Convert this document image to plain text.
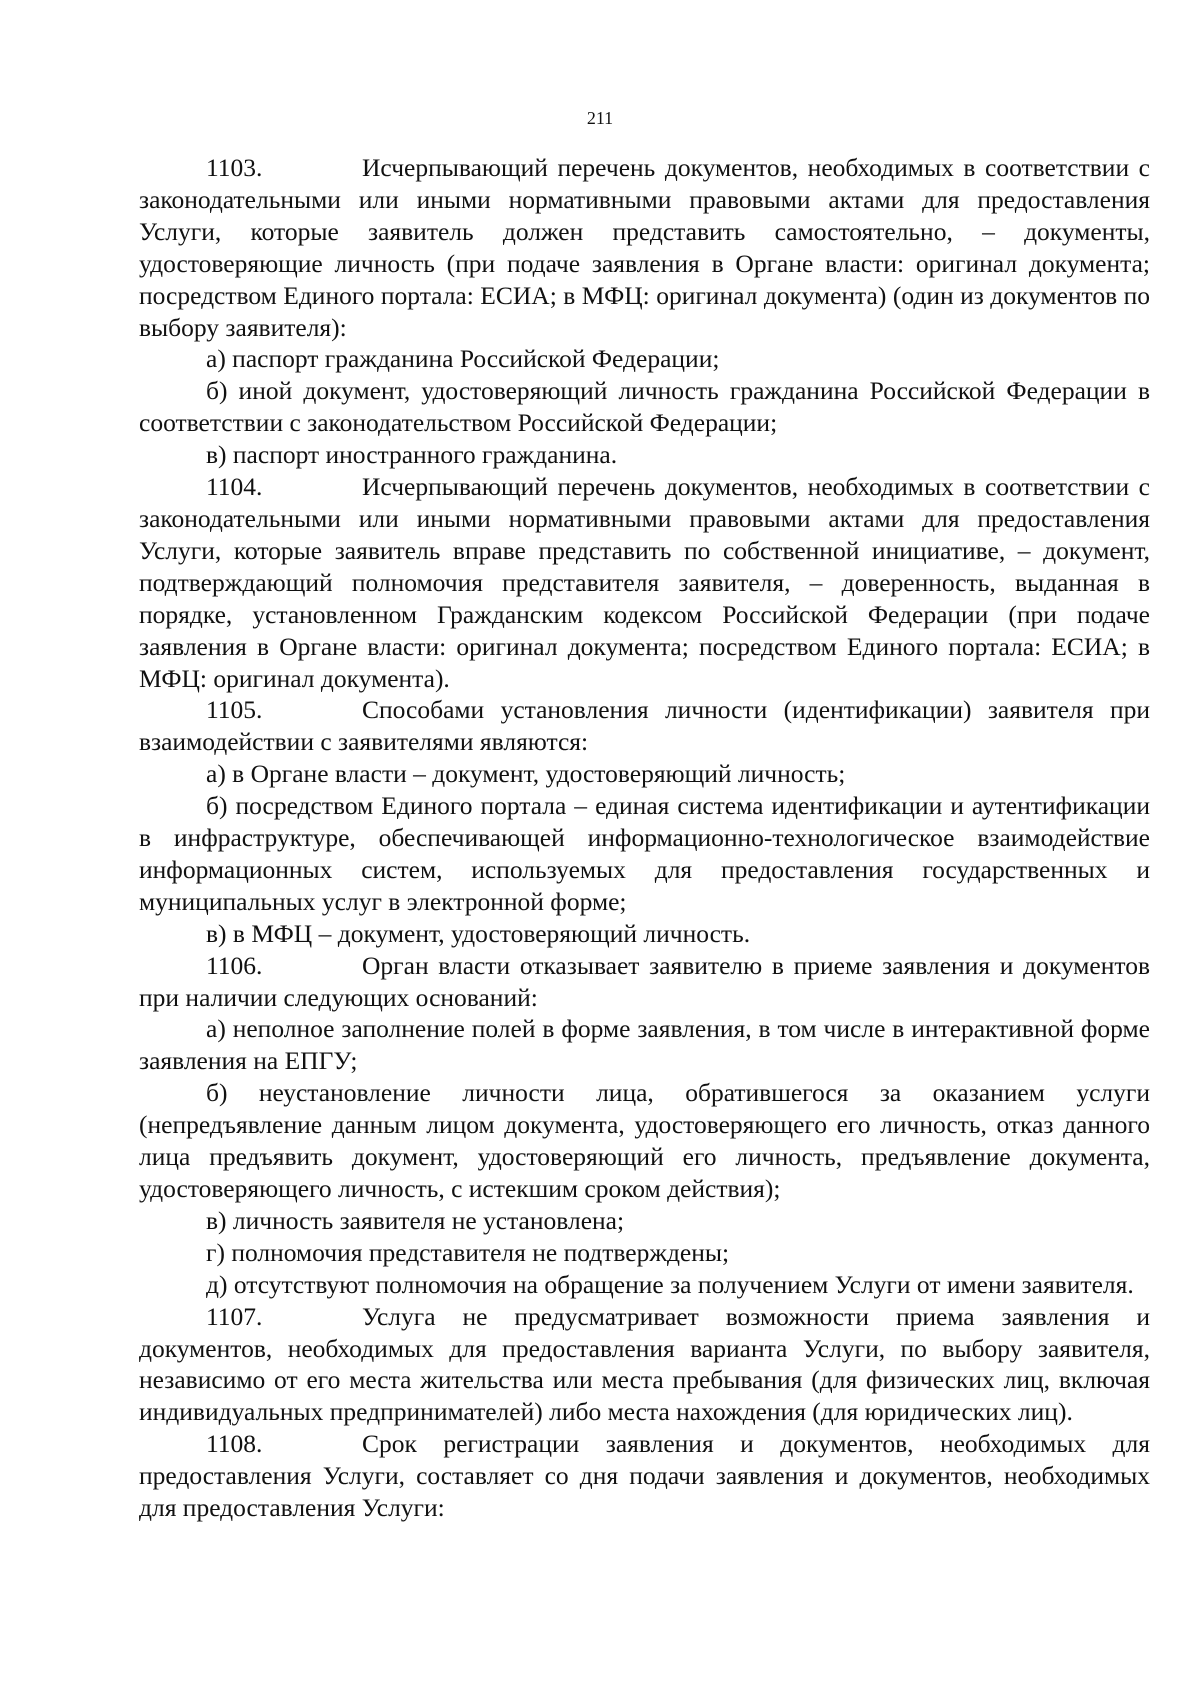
211

1103.	Исчерпывающий перечень документов, необходимых в соответствии с законодательными или иными нормативными правовыми актами для предоставления Услуги, которые заявитель должен представить самостоятельно, – документы, удостоверяющие личность (при подаче заявления в Органе власти: оригинал документа; посредством Единого портала: ЕСИА; в МФЦ: оригинал документа) (один из документов по выбору заявителя):

а) паспорт гражданина Российской Федерации;

б) иной документ, удостоверяющий личность гражданина Российской Федерации в соответствии с законодательством Российской Федерации;

в) паспорт иностранного гражданина.

1104.	Исчерпывающий перечень документов, необходимых в соответствии с законодательными или иными нормативными правовыми актами для предоставления Услуги, которые заявитель вправе представить по собственной инициативе, – документ, подтверждающий полномочия представителя заявителя, – доверенность, выданная в порядке, установленном Гражданским кодексом Российской Федерации (при подаче заявления в Органе власти: оригинал документа; посредством Единого портала: ЕСИА; в МФЦ: оригинал документа).

1105.	Способами установления личности (идентификации) заявителя при взаимодействии с заявителями являются:

а) в Органе власти – документ, удостоверяющий личность;

б) посредством Единого портала – единая система идентификации и аутентификации в инфраструктуре, обеспечивающей информационно-технологическое взаимодействие информационных систем, используемых для предоставления государственных и муниципальных услуг в электронной форме;

в) в МФЦ – документ, удостоверяющий личность.

1106.	Орган власти отказывает заявителю в приеме заявления и документов при наличии следующих оснований:

а) неполное заполнение полей в форме заявления, в том числе в интерактивной форме заявления на ЕПГУ;

б) неустановление личности лица, обратившегося за оказанием услуги (непредъявление данным лицом документа, удостоверяющего его личность, отказ данного лица предъявить документ, удостоверяющий его личность, предъявление документа, удостоверяющего личность, с истекшим сроком действия);

в) личность заявителя не установлена;

г) полномочия представителя не подтверждены;

д) отсутствуют полномочия на обращение за получением Услуги от имени заявителя.

1107.	Услуга не предусматривает возможности приема заявления и документов, необходимых для предоставления варианта Услуги, по выбору заявителя, независимо от его места жительства или места пребывания (для физических лиц, включая индивидуальных предпринимателей) либо места нахождения (для юридических лиц).

1108.	Срок регистрации заявления и документов, необходимых для предоставления Услуги, составляет со дня подачи заявления и документов, необходимых для предоставления Услуги:
